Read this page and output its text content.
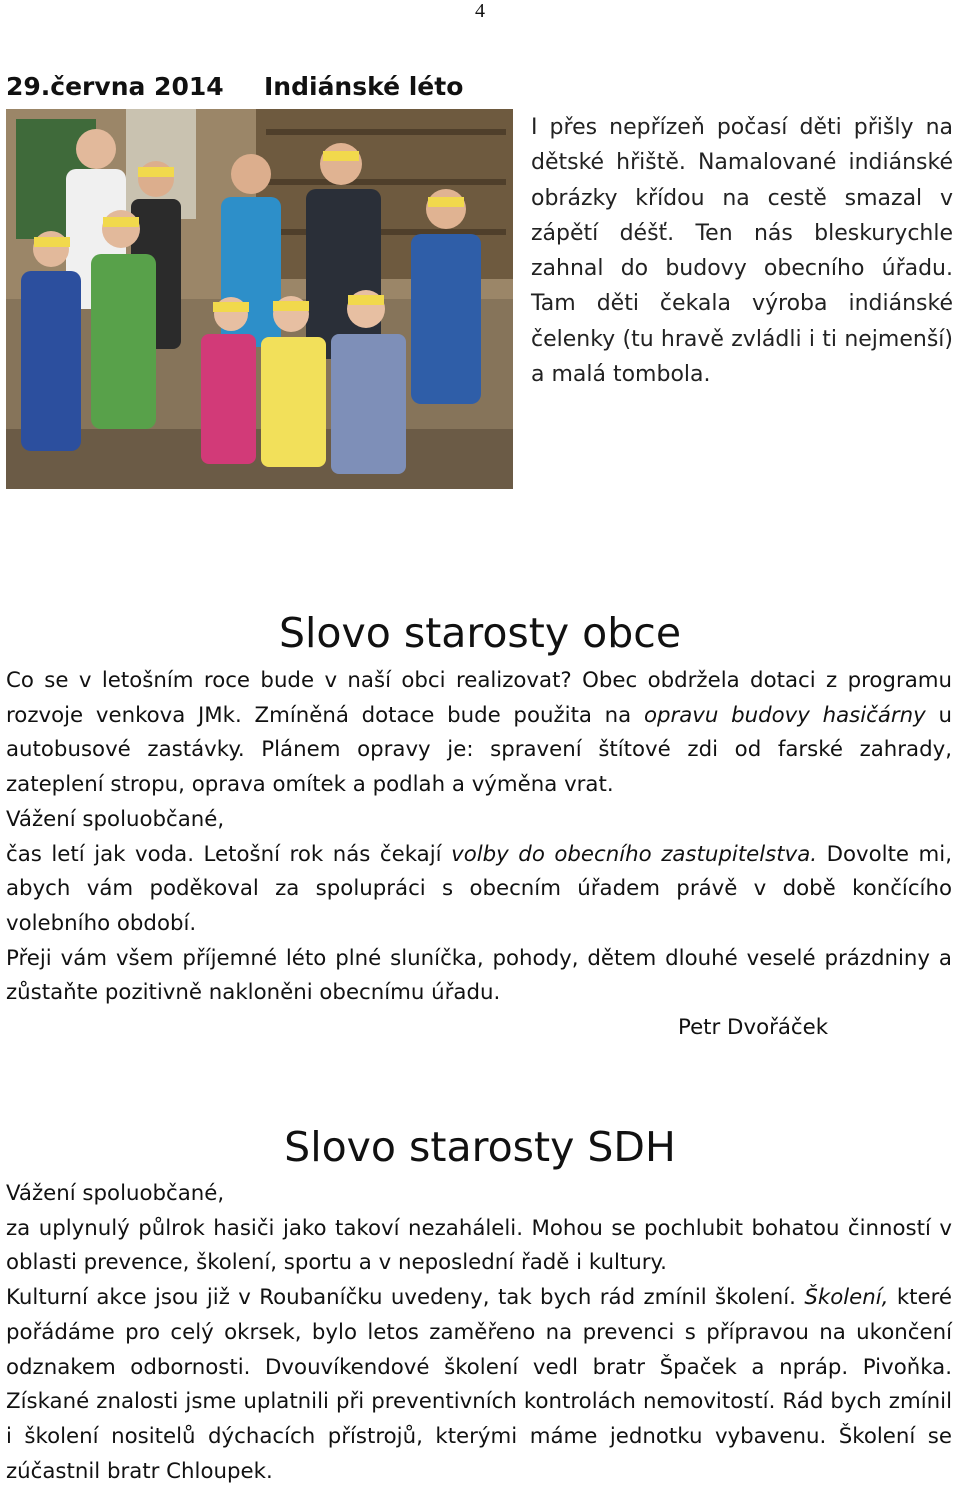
4
29.června 2014 Indiánské léto
I přes nepřízeň počasí děti přišly na dětské hřiště. Namalované indiánské obrázky křídou na cestě smazal v zápětí déšť. Ten nás bleskurychle zahnal do budovy obecního úřadu. Tam děti čekala výroba indiánské čelenky (tu hravě zvládli i ti nejmenší) a malá tombola.
Slovo starosty obce

Co se v letošním roce bude v naší obci realizovat? Obec obdržela dotaci z programu rozvoje venkova JMk. Zmíněná dotace bude použita na opravu budovy hasičárny u autobusové zastávky. Plánem opravy je: spravení štítové zdi od farské zahrady, zateplení stropu, oprava omítek a podlah a výměna vrat.

Vážení spoluobčané,

čas letí jak voda. Letošní rok nás čekají volby do obecního zastupitelstva. Dovolte mi, abych vám poděkoval za spolupráci s obecním úřadem právě v době končícího volebního období.

Přeji vám všem příjemné léto plné sluníčka, pohody, dětem dlouhé veselé prázdniny a zůstaňte pozitivně nakloněni obecnímu úřadu.

Petr Dvořáček

Slovo starosty SDH

Vážení spoluobčané,

za uplynulý půlrok hasiči jako takoví nezaháleli. Mohou se pochlubit bohatou činností v oblasti prevence, školení, sportu a v neposlední řadě i kultury.

Kulturní akce jsou již v Roubaníčku uvedeny, tak bych rád zmínil školení. Školení, které pořádáme pro celý okrsek, bylo letos zaměřeno na prevenci s přípravou na ukončení odznakem odbornosti. Dvouvíkendové školení vedl bratr Špaček a npráp. Pivoňka. Získané znalosti jsme uplatnili při preventivních kontrolách nemovitostí. Rád bych zmínil i školení nositelů dýchacích přístrojů, kterými máme jednotku vybavenu. Školení se zúčastnil bratr Chloupek.
